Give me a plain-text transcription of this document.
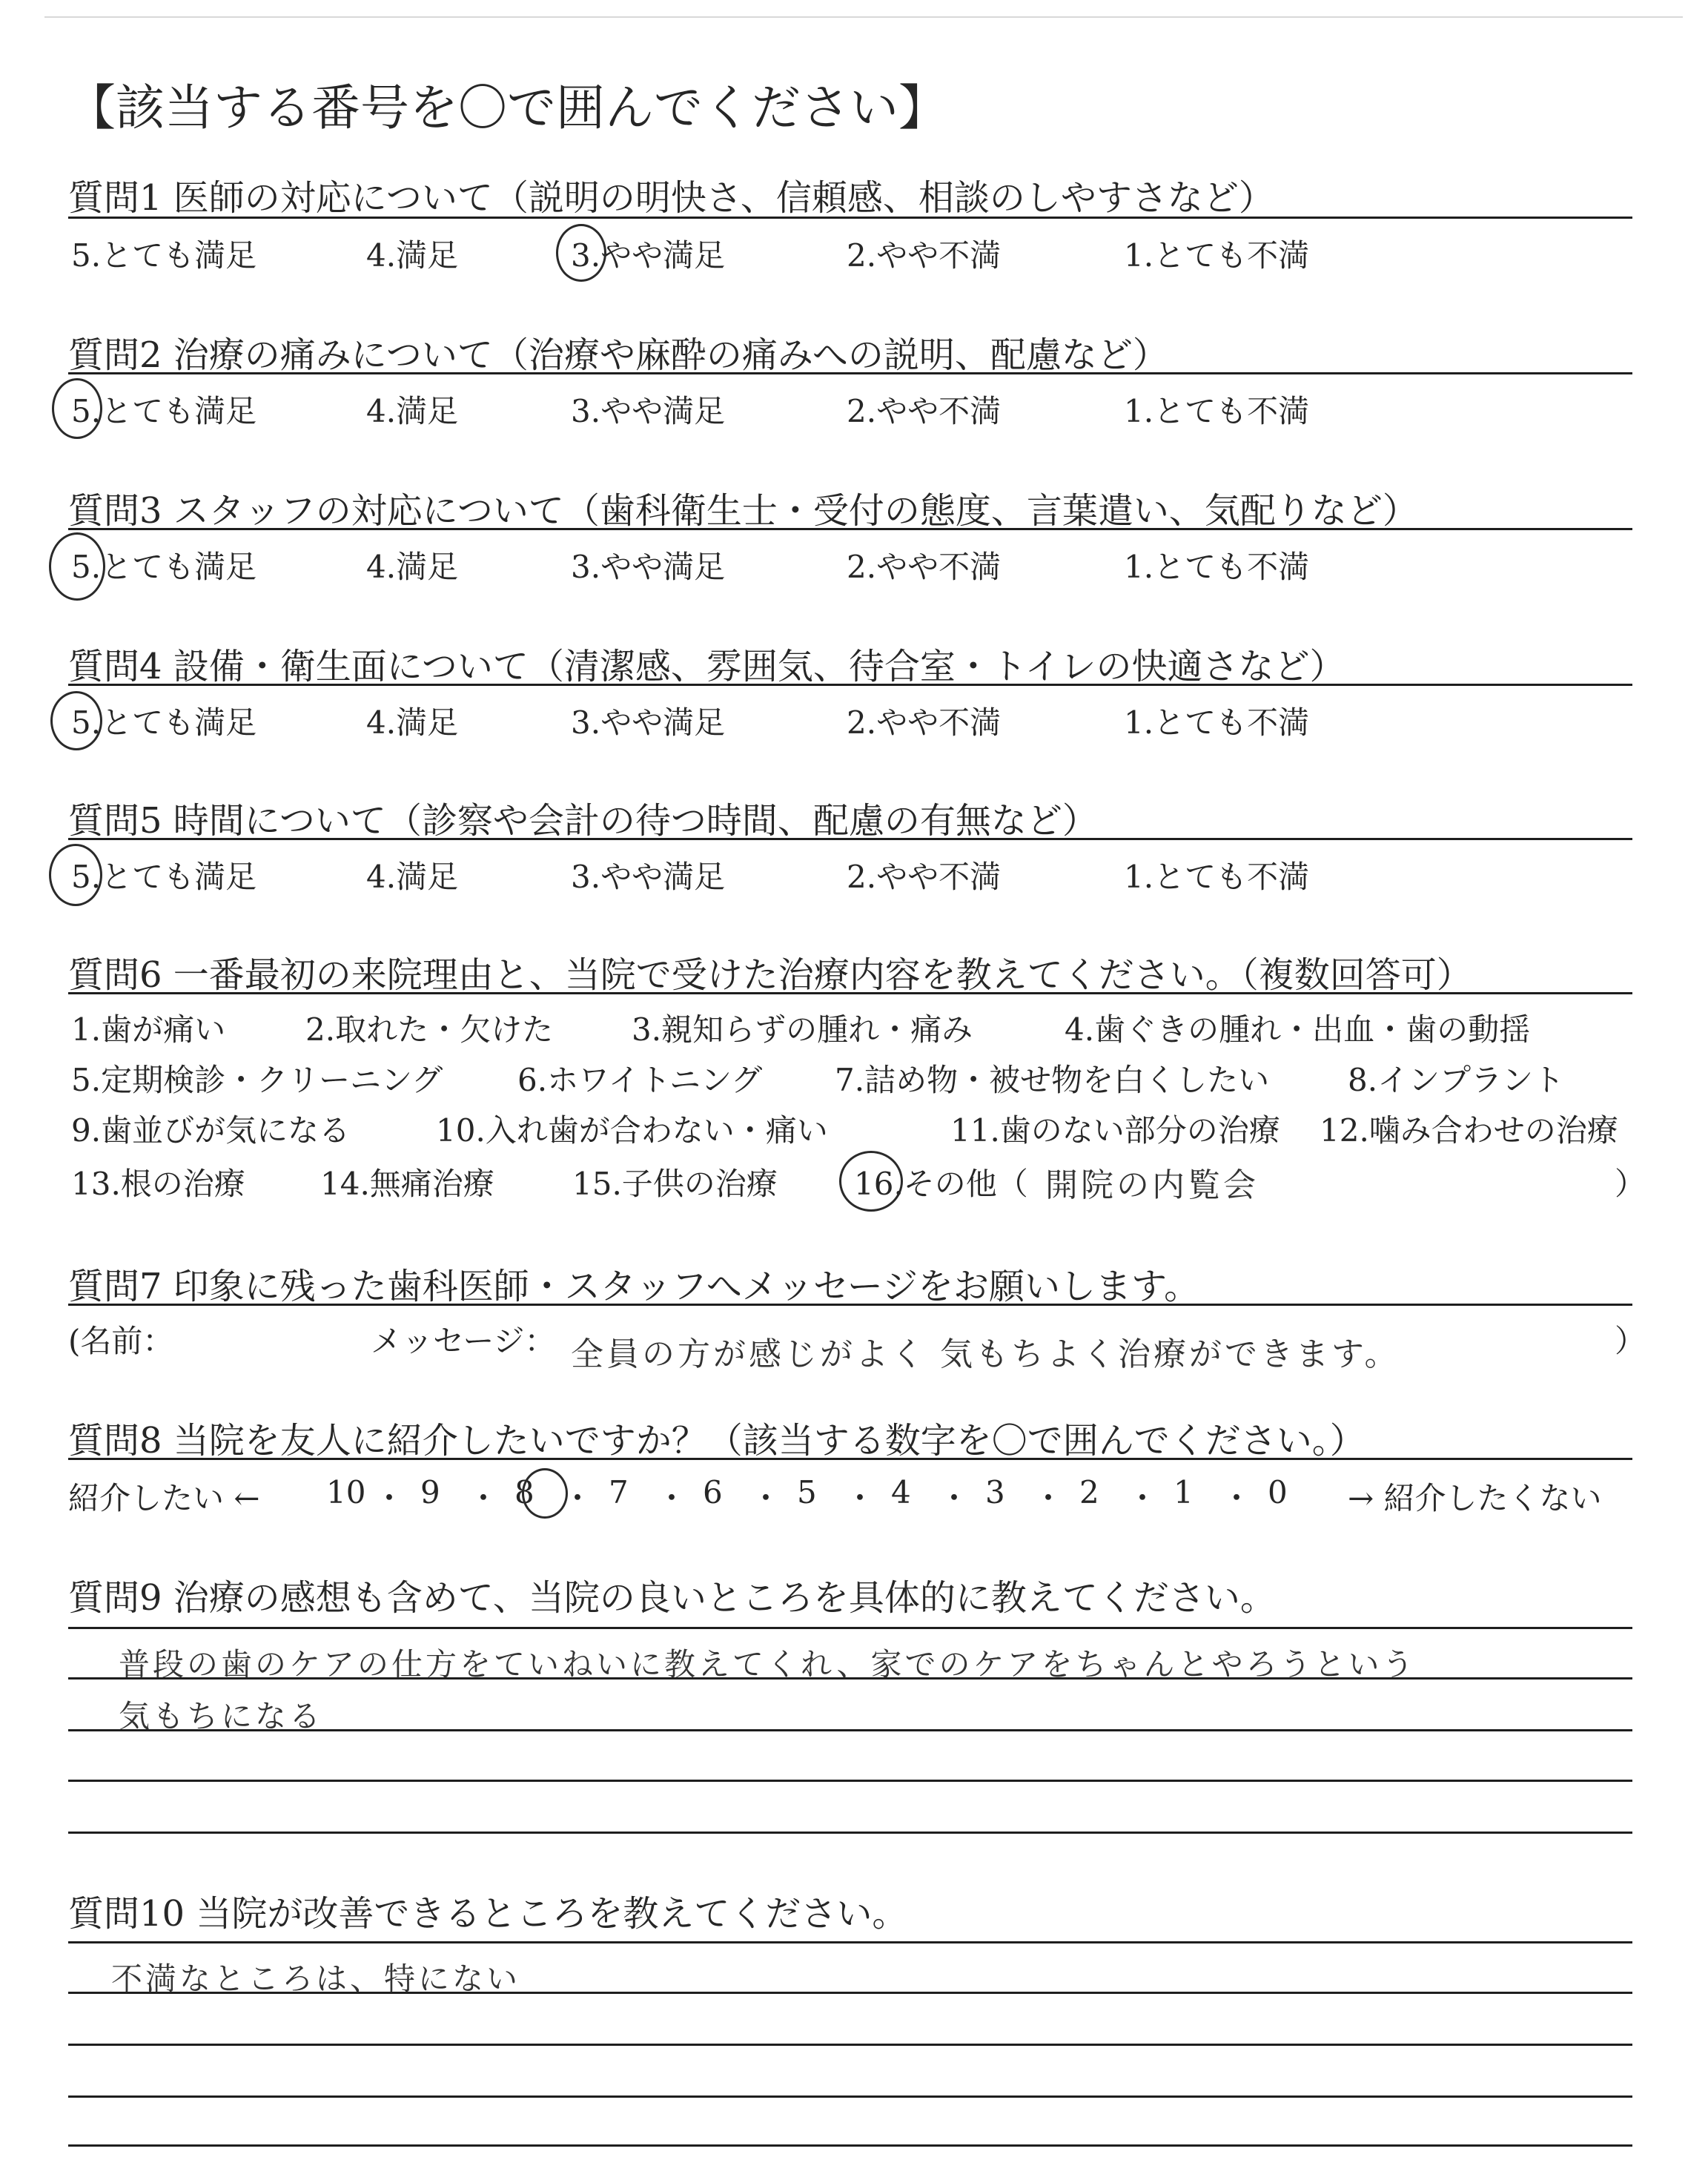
【該当する番号を〇で囲んでください】
質問1 医師の対応について（説明の明快さ、信頼感、相談のしやすさなど）
5.とても満足	4.満足	3.やや満足	2.やや不満	1.とても不満
質問2 治療の痛みについて（治療や麻酔の痛みへの説明、配慮など）
5.とても満足	4.満足	3.やや満足	2.やや不満	1.とても不満
質問3 スタッフの対応について（歯科衛生士・受付の態度、言葉遣い、気配りなど）
5.とても満足	4.満足	3.やや満足	2.やや不満	1.とても不満
質問4 設備・衛生面について（清潔感、雰囲気、待合室・トイレの快適さなど）
5.とても満足	4.満足	3.やや満足	2.やや不満	1.とても不満
質問5 時間について（診察や会計の待つ時間、配慮の有無など）
5.とても満足	4.満足	3.やや満足	2.やや不満	1.とても不満
質問6 一番最初の来院理由と、当院で受けた治療内容を教えてください。（複数回答可）
1.歯が痛い	2.取れた・欠けた	3.親知らずの腫れ・痛み	4.歯ぐきの腫れ・出血・歯の動揺
5.定期検診・クリーニング 6.ホワイトニング 7.詰め物・被せ物を白くしたい	8.インプラント
9.歯並びが気になる	10.入れ歯が合わない・痛い	11.歯のない部分の治療 12.噛み合わせの治療
13.根の治療 14.無痛治療	15.子供の治療 16.その他（ 開院の内覧会	）
質問7 印象に残った歯科医師・スタッフへメッセージをお願いします。
(名前：	メッセージ： 全員の方が感じがよく 気もちよく治療ができます。	）
質問8 当院を友人に紹介したいですか？（該当する数字を〇で囲んでください。）
紹介したい ← 10 ・ 9 ・ 8 ・ 7 ・ 6 ・ 5 ・ 4 ・ 3 ・ 2 ・ 1 ・ 0 → 紹介したくない
質問9 治療の感想も含めて、当院の良いところを具体的に教えてください。
普段の歯のケアの仕方をていねいに教えてくれ、家でのケアをちゃんとやろうという
気もちになる
質問10 当院が改善できるところを教えてください。
不満なところは、特にない
